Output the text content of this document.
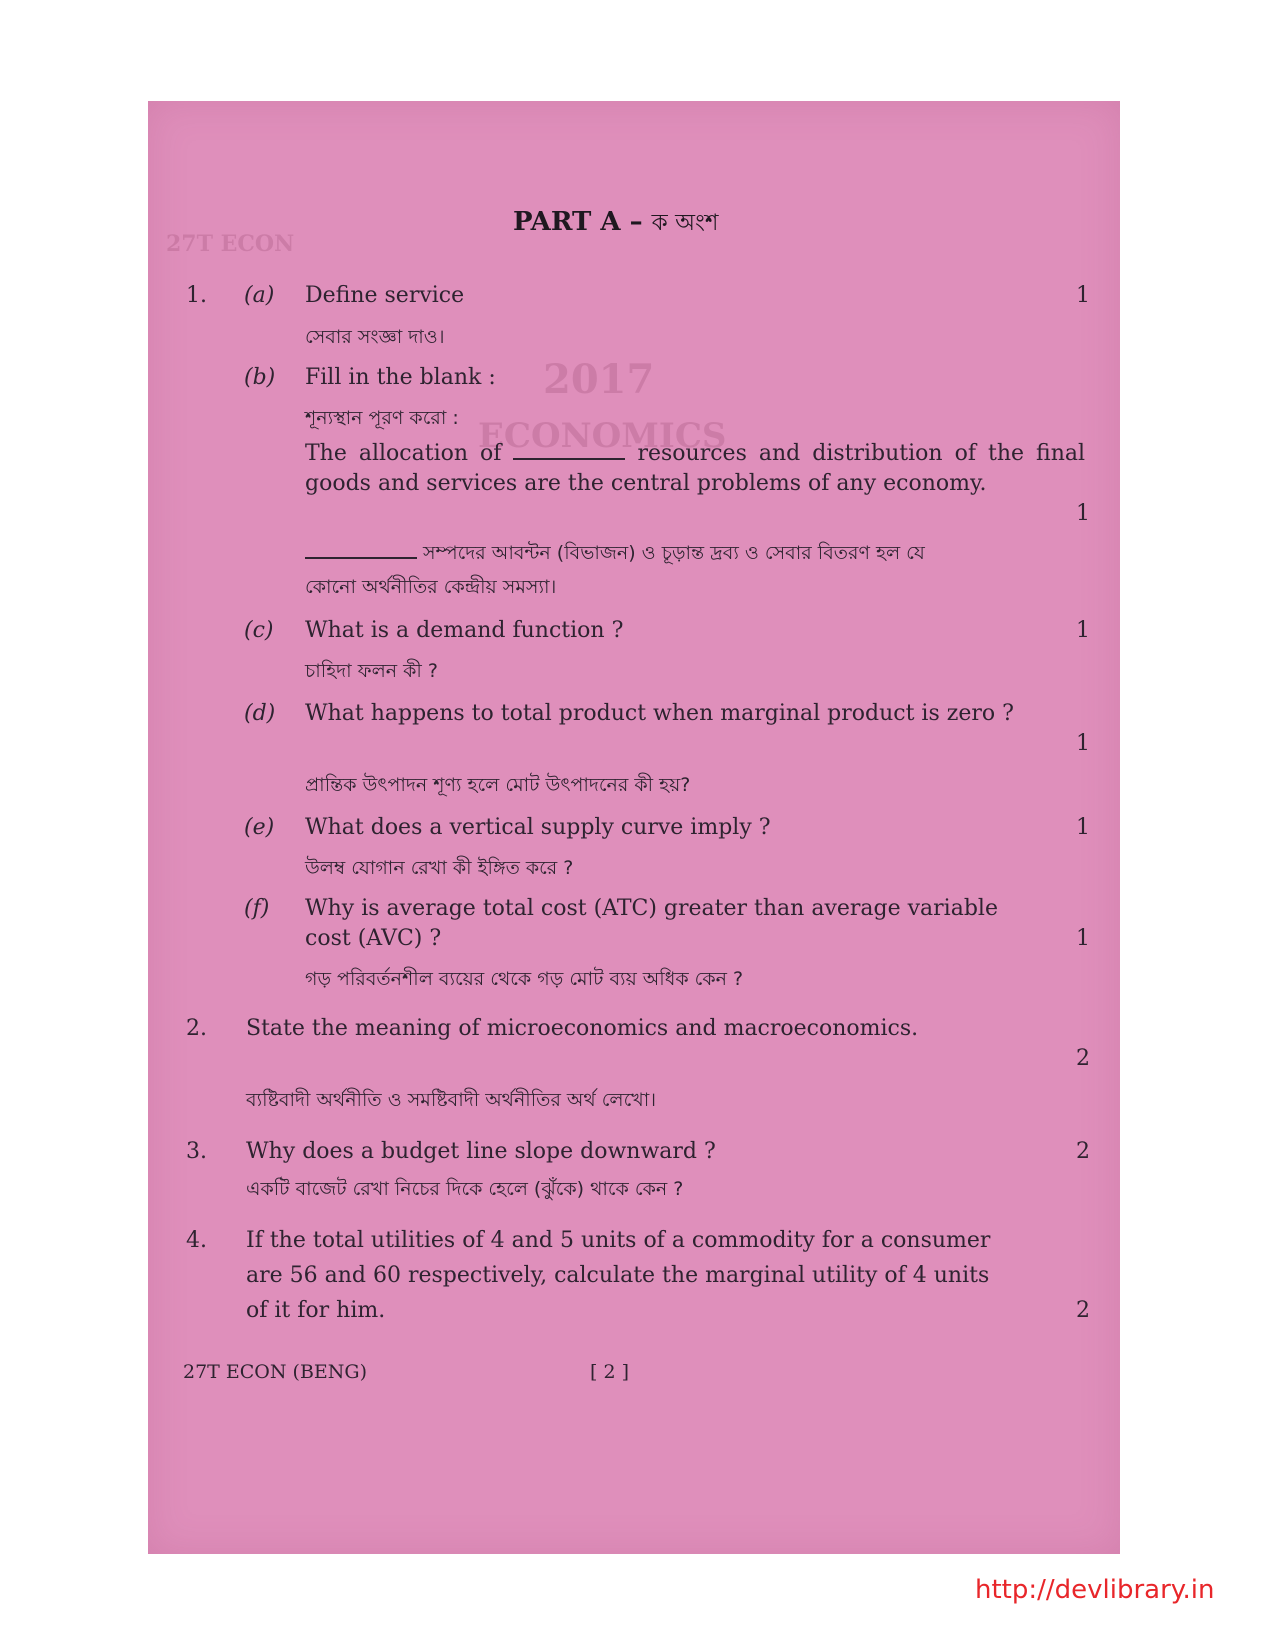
27T ECON
2017
ECONOMICS
PART A – ক অংশ

1. (a) Define service	1

সেবার সংজ্ঞা দাও।

(b) Fill in the blank :

শূন্যস্থান পূরণ করো :

The allocation of	resources and distribution of the final goods and services are the central problems of any economy.

1

সম্পদের আবন্টন (বিভাজন) ও চূড়ান্ত দ্রব্য ও সেবার বিতরণ হল যে

কোনো অর্থনীতির কেন্দ্রীয় সমস্যা।

(c) What is a demand function ?	1

চাহিদা ফলন কী ?

(d) What happens to total product when marginal product is zero ?

1

প্রান্তিক উৎপাদন শূণ্য হলে মোট উৎপাদনের কী হয়?

(e) What does a vertical supply curve imply ?	1

উলম্ব যোগান রেখা কী ইঙ্গিত করে ?

(f) Why is average total cost (ATC) greater than average variable

cost (AVC) ?	1

গড় পরিবর্তনশীল ব্যয়ের থেকে গড় মোট ব্যয় অধিক কেন ?

2. State the meaning of microeconomics and macroeconomics.

2

ব্যষ্টিবাদী অর্থনীতি ও সমষ্টিবাদী অর্থনীতির অর্থ লেখো।

3. Why does a budget line slope downward ?	2

একটি বাজেট রেখা নিচের দিকে হেলে (ঝুঁকে) থাকে কেন ?

4. If the total utilities of 4 and 5 units of a commodity for a consumer

are 56 and 60 respectively, calculate the marginal utility of 4 units

of it for him.	2

27T ECON (BENG)	[ 2 ]
http://devlibrary.in
